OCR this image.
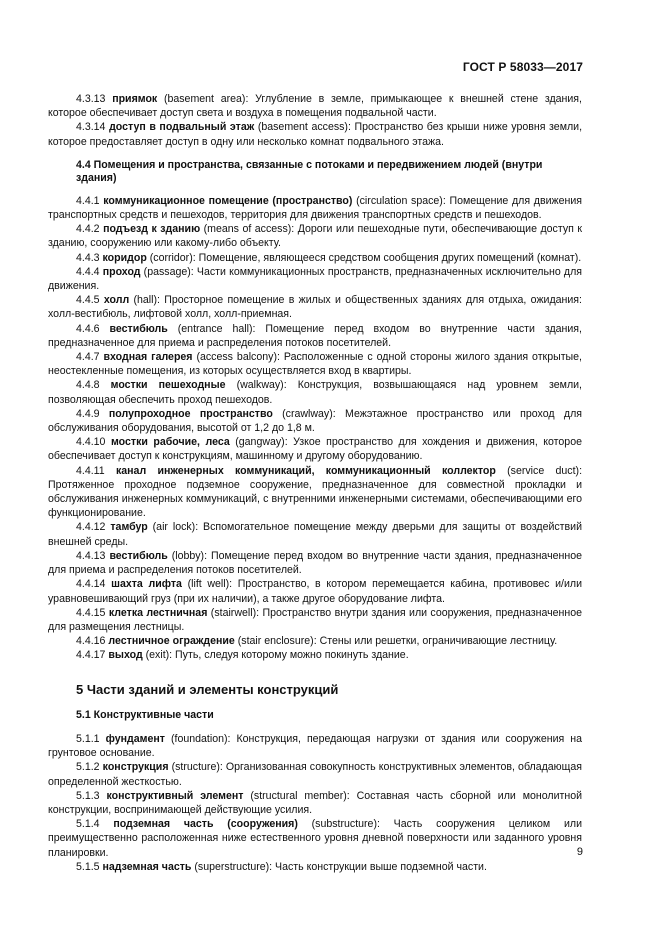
ГОСТ Р 58033—2017

4.3.13 приямок (basement area): Углубление в земле, примыкающее к внешней стене здания, которое обеспечивает доступ света и воздуха в помещения подвальной части.

4.3.14 доступ в подвальный этаж (basement access): Пространство без крыши ниже уровня земли, которое предоставляет доступ в одну или несколько комнат подвального этажа.

4.4 Помещения и пространства, связанные с потоками и передвижением людей (внутри здания)

4.4.1 коммуникационное помещение (пространство) (circulation space): Помещение для движения транспортных средств и пешеходов, территория для движения транспортных средств и пешеходов.

4.4.2 подъезд к зданию (means of access): Дороги или пешеходные пути, обеспечивающие доступ к зданию, сооружению или какому-либо объекту.

4.4.3 коридор (corridor): Помещение, являющееся средством сообщения других помещений (комнат).

4.4.4 проход (passage): Части коммуникационных пространств, предназначенных исключительно для движения.

4.4.5 холл (hall): Просторное помещение в жилых и общественных зданиях для отдыха, ожидания: холл-вестибюль, лифтовой холл, холл-приемная.

4.4.6 вестибюль (entrance hall): Помещение перед входом во внутренние части здания, предназначенное для приема и распределения потоков посетителей.

4.4.7 входная галерея (access balcony): Расположенные с одной стороны жилого здания открытые, неостекленные помещения, из которых осуществляется вход в квартиры.

4.4.8 мостки пешеходные (walkway): Конструкция, возвышающаяся над уровнем земли, позволяющая обеспечить проход пешеходов.

4.4.9 полупроходное пространство (crawlway): Межэтажное пространство или проход для обслуживания оборудования, высотой от 1,2 до 1,8 м.

4.4.10 мостки рабочие, леса (gangway): Узкое пространство для хождения и движения, которое обеспечивает доступ к конструкциям, машинному и другому оборудованию.

4.4.11 канал инженерных коммуникаций, коммуникационный коллектор (service duct): Протяженное проходное подземное сооружение, предназначенное для совместной прокладки и обслуживания инженерных коммуникаций, с внутренними инженерными системами, обеспечивающими его функционирование.

4.4.12 тамбур (air lock): Вспомогательное помещение между дверьми для защиты от воздействий внешней среды.

4.4.13 вестибюль (lobby): Помещение перед входом во внутренние части здания, предназначенное для приема и распределения потоков посетителей.

4.4.14 шахта лифта (lift well): Пространство, в котором перемещается кабина, противовес и/или уравновешивающий груз (при их наличии), а также другое оборудование лифта.

4.4.15 клетка лестничная (stairwell): Пространство внутри здания или сооружения, предназначенное для размещения лестницы.

4.4.16 лестничное ограждение (stair enclosure): Стены или решетки, ограничивающие лестницу.

4.4.17 выход (exit): Путь, следуя которому можно покинуть здание.

5 Части зданий и элементы конструкций
5.1 Конструктивные части

5.1.1 фундамент (foundation): Конструкция, передающая нагрузки от здания или сооружения на грунтовое основание.

5.1.2 конструкция (structure): Организованная совокупность конструктивных элементов, обладающая определенной жесткостью.

5.1.3 конструктивный элемент (structural member): Составная часть сборной или монолитной конструкции, воспринимающей действующие усилия.

5.1.4 подземная часть (сооружения) (substructure): Часть сооружения целиком или преимущественно расположенная ниже естественного уровня дневной поверхности или заданного уровня планировки.

5.1.5 надземная часть (superstructure): Часть конструкции выше подземной части.

9
